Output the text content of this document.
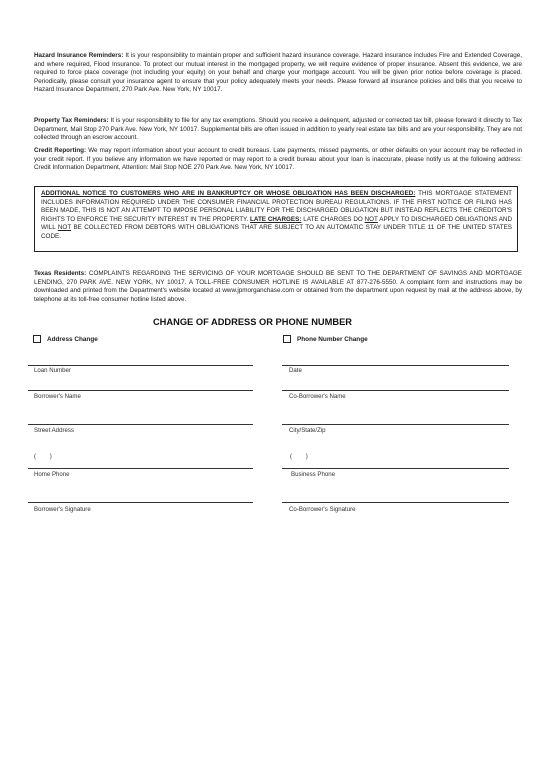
Hazard Insurance Reminders: It is your responsibility to maintain proper and sufficient hazard insurance coverage. Hazard insurance includes Fire and Extended Coverage, and where required, Flood Insurance. To protect our mutual interest in the mortgaged property, we will require evidence of proper insurance. Absent this evidence, we are required to force place coverage (not including your equity) on your behalf and charge your mortgage account. You will be given prior notice before coverage is placed. Periodically, please consult your insurance agent to ensure that your policy adequately meets your needs. Please forward all insurance policies and bills that you receive to Hazard Insurance Department, 270 Park Ave. New York, NY 10017.
Property Tax Reminders: It is your responsibility to file for any tax exemptions. Should you receive a delinquent, adjusted or corrected tax bill, please forward it directly to Tax Department, Mail Stop 270 Park Ave. New York, NY 10017. Supplemental bills are often issued in addition to yearly real estate tax bills and are your responsibility. They are not collected through an escrow account.
Credit Reporting: We may report information about your account to credit bureaus. Late payments, missed payments, or other defaults on your account may be reflected in your credit report. If you believe any information we have reported or may report to a credit bureau about your loan is inaccurate, please notify us at the following address: Credit Information Department, Attention: Mail Stop NOE 270 Park Ave. New York, NY 10017.
ADDITIONAL NOTICE TO CUSTOMERS WHO ARE IN BANKRUPTCY OR WHOSE OBLIGATION HAS BEEN DISCHARGED: THIS MORTGAGE STATEMENT INCLUDES INFORMATION REQUIRED UNDER THE CONSUMER FINANCIAL PROTECTION BUREAU REGULATIONS. IF THE FIRST NOTICE OR FILING HAS BEEN MADE, THIS IS NOT AN ATTEMPT TO IMPOSE PERSONAL LIABILITY FOR THE DISCHARGED OBLIGATION BUT INSTEAD REFLECTS THE CREDITOR'S RIGHTS TO ENFORCE THE SECURITY INTEREST IN THE PROPERTY. LATE CHARGES: LATE CHARGES DO NOT APPLY TO DISCHARGED OBLIGATIONS AND WILL NOT BE COLLECTED FROM DEBTORS WITH OBLIGATIONS THAT ARE SUBJECT TO AN AUTOMATIC STAY UNDER TITLE 11 OF THE UNITED STATES CODE.
Texas Residents: COMPLAINTS REGARDING THE SERVICING OF YOUR MORTGAGE SHOULD BE SENT TO THE DEPARTMENT OF SAVINGS AND MORTGAGE LENDING, 270 PARK AVE. NEW YORK, NY 10017. A TOLL-FREE CONSUMER HOTLINE IS AVAILABLE AT 877-276-5550. A complaint form and instructions may be downloaded and printed from the Department's website located at www.jpmorganchase.com or obtained from the department upon request by mail at the address above, by telephone at its toll-free consumer hotline listed above.
CHANGE OF ADDRESS OR PHONE NUMBER
Address Change	Phone Number Change
Loan Number	Date
Borrower's Name	Co-Borrower's Name
Street Address	City/State/Zip
( )	( )
Home Phone	Business Phone
Borrower's Signature	Co-Borrower's Signature
